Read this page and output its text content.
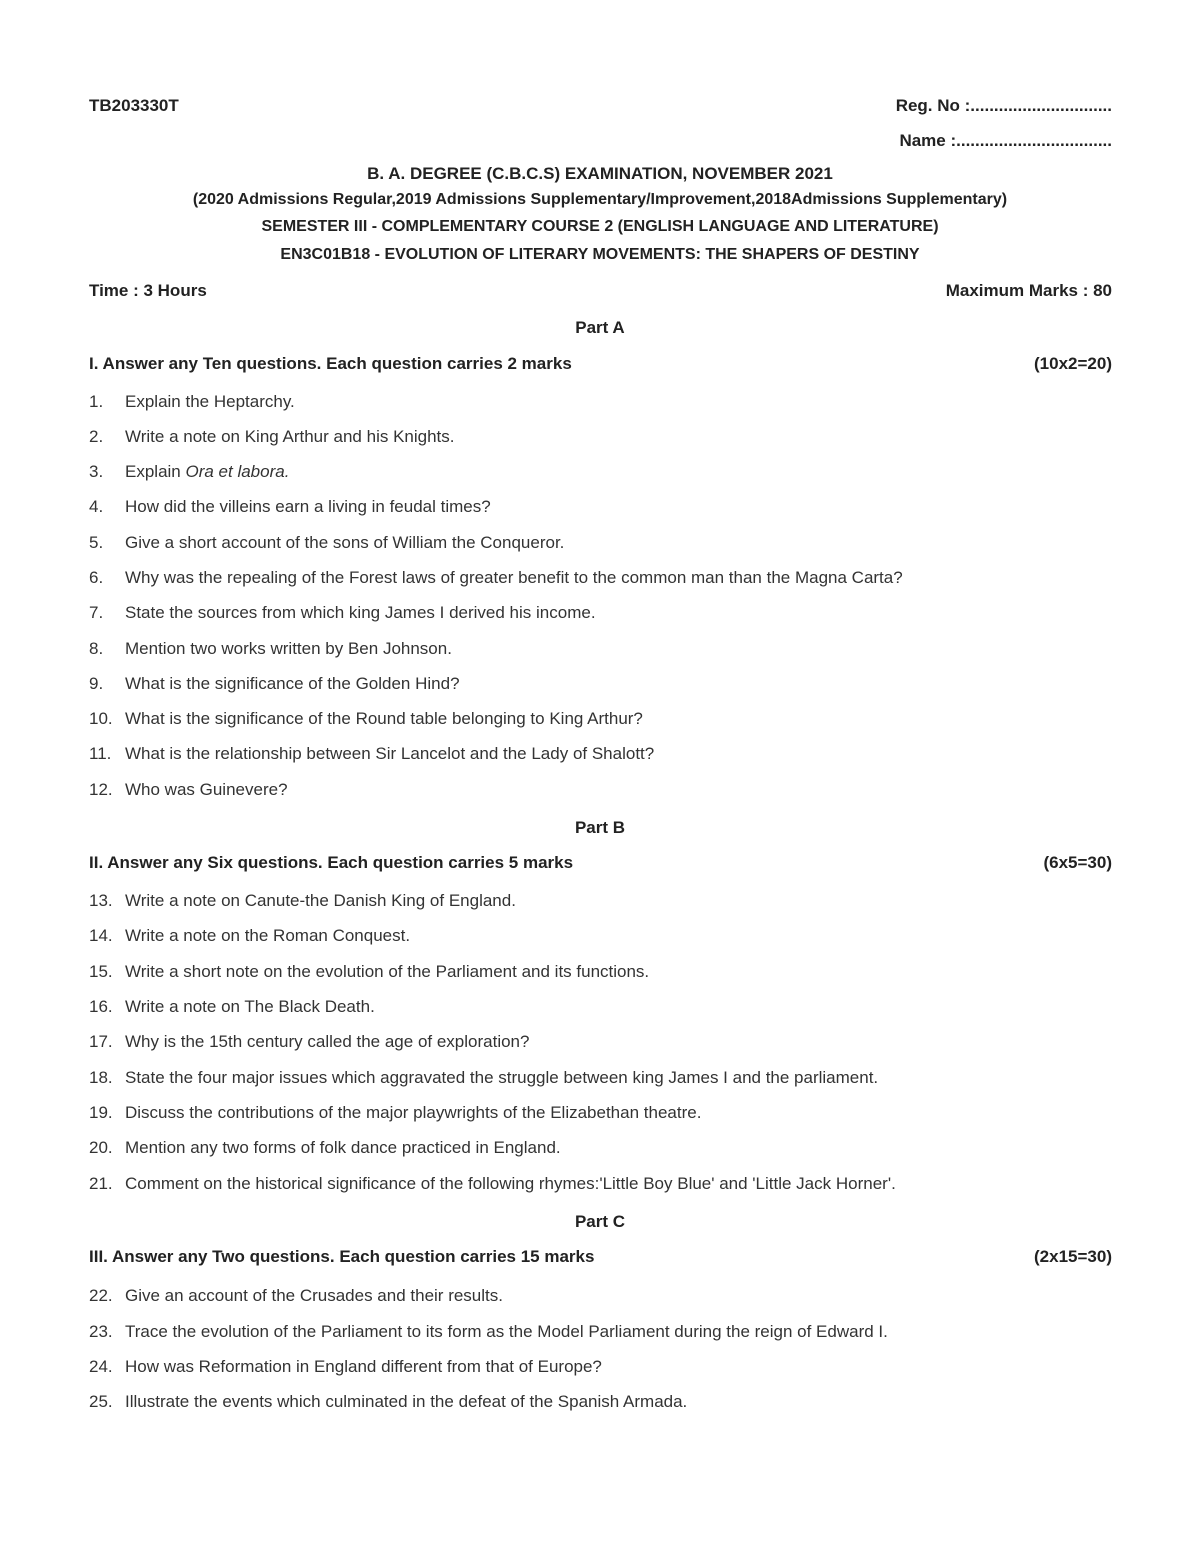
TB203330T	Reg. No :..............................
Name :.................................
B. A. DEGREE (C.B.C.S) EXAMINATION, NOVEMBER 2021
(2020 Admissions Regular,2019 Admissions Supplementary/Improvement,2018Admissions Supplementary)
SEMESTER III - COMPLEMENTARY COURSE 2 (ENGLISH LANGUAGE AND LITERATURE)
EN3C01B18 - EVOLUTION OF LITERARY MOVEMENTS: THE SHAPERS OF DESTINY
Time : 3 Hours	Maximum Marks : 80
Part A
I. Answer any Ten questions. Each question carries 2 marks	(10x2=20)
1. Explain the Heptarchy.
2. Write a note on King Arthur and his Knights.
3. Explain Ora et labora.
4. How did the villeins earn a living in feudal times?
5. Give a short account of the sons of William the Conqueror.
6. Why was the repealing of the Forest laws of greater benefit to the common man than the Magna Carta?
7. State the sources from which king James I derived his income.
8. Mention two works written by Ben Johnson.
9. What is the significance of the Golden Hind?
10. What is the significance of the Round table belonging to King Arthur?
11. What is the relationship between Sir Lancelot and the Lady of Shalott?
12. Who was Guinevere?
Part B
II. Answer any Six questions. Each question carries 5 marks	(6x5=30)
13. Write a note on Canute-the Danish King of England.
14. Write a note on the Roman Conquest.
15. Write a short note on the evolution of the Parliament and its functions.
16. Write a note on The Black Death.
17. Why is the 15th century called the age of exploration?
18. State the four major issues which aggravated the struggle between king James I and the parliament.
19. Discuss the contributions of the major playwrights of the Elizabethan theatre.
20. Mention any two forms of folk dance practiced in England.
21. Comment on the historical significance of the following rhymes:'Little Boy Blue' and 'Little Jack Horner'.
Part C
III. Answer any Two questions. Each question carries 15 marks	(2x15=30)
22. Give an account of the Crusades and their results.
23. Trace the evolution of the Parliament to its form as the Model Parliament during the reign of Edward I.
24. How was Reformation in England different from that of Europe?
25. Illustrate the events which culminated in the defeat of the Spanish Armada.
